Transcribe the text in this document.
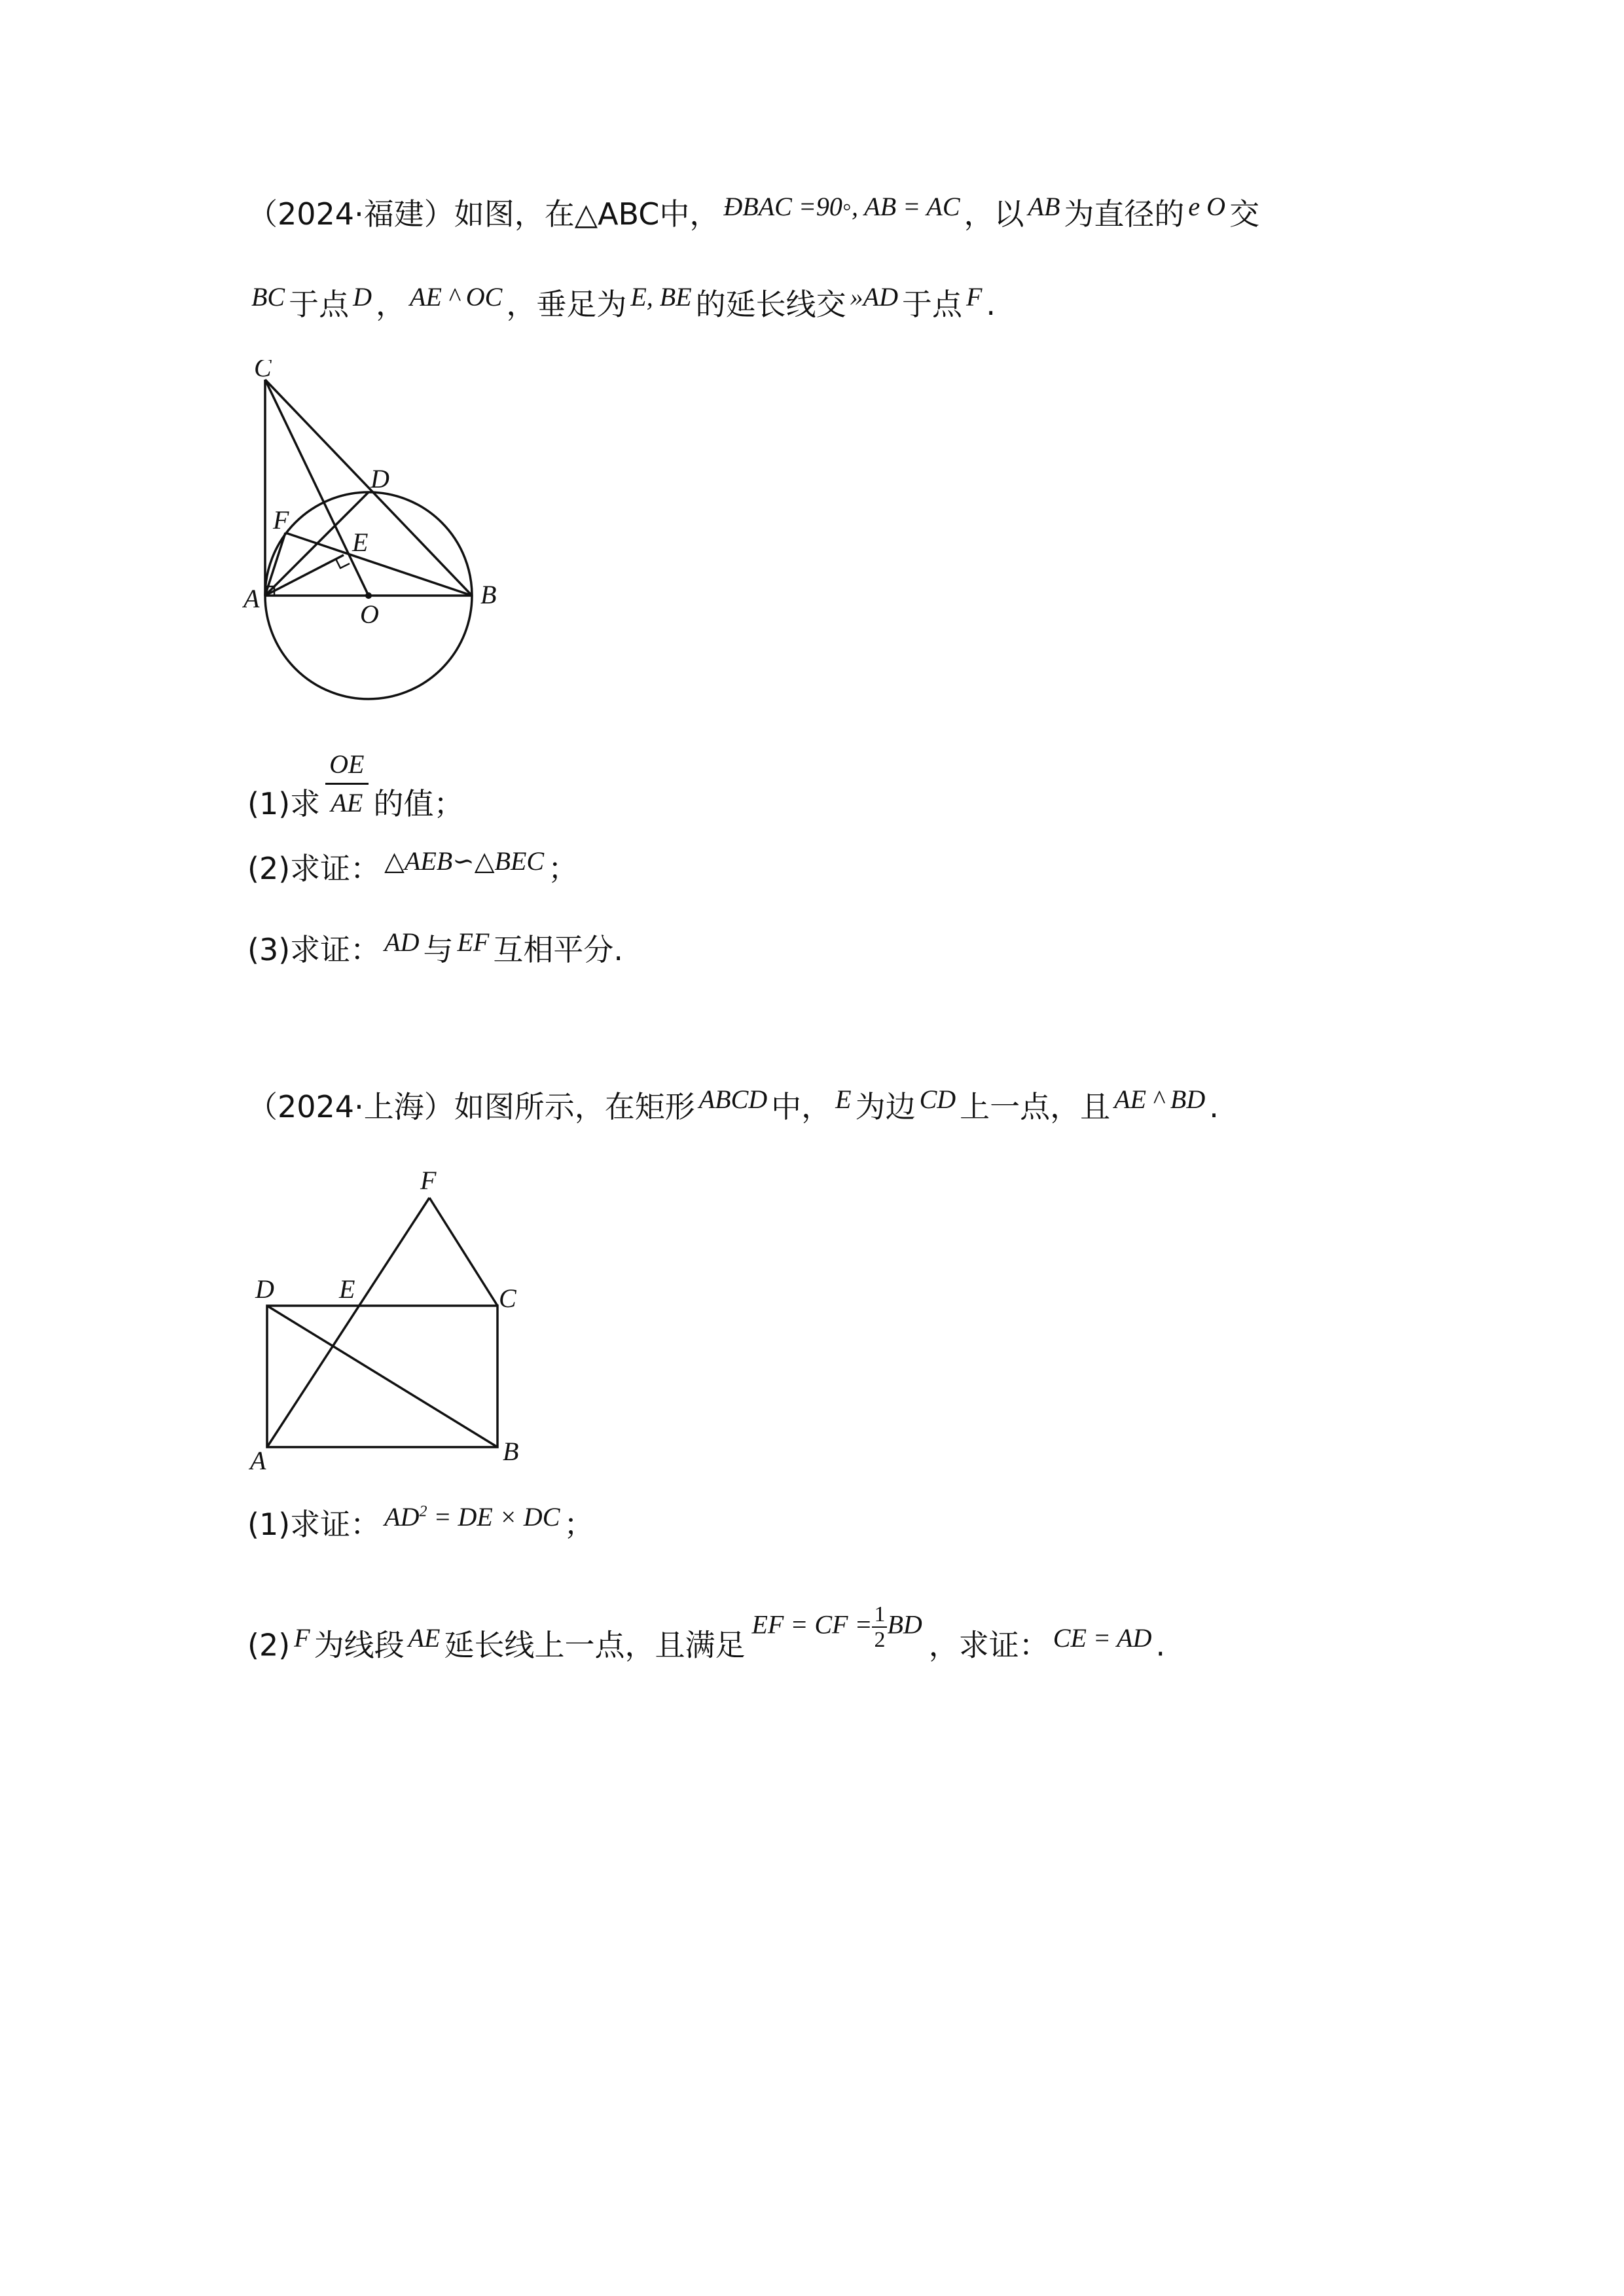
（2024·福建）如图，在△ABC中， ÐBAC =90◦, AB = AC ，以 AB 为直径的 e O 交
BC 于点 D ， AE ^ OC ，垂足为 E, BE 的延长线交 »AD 于点 F .
C
D
F
E
A
O
B
(1)求 $\frac{OE}{AE}$ 的值；
(2)求证： △AEB∽△BEC ；
(3)求证： AD 与 EF 互相平分.
（2024·上海）如图所示，在矩形 ABCD 中， E 为边 CD 上一点，且 AE ^ BD .
F
D E	C
A	B
(1)求证： $AD^2$ = DE × DC ；
(2) F 为线段 AE 延长线上一点，且满足EF = CF = $\frac{1}{2}$ BD，求证： CE = AD .
